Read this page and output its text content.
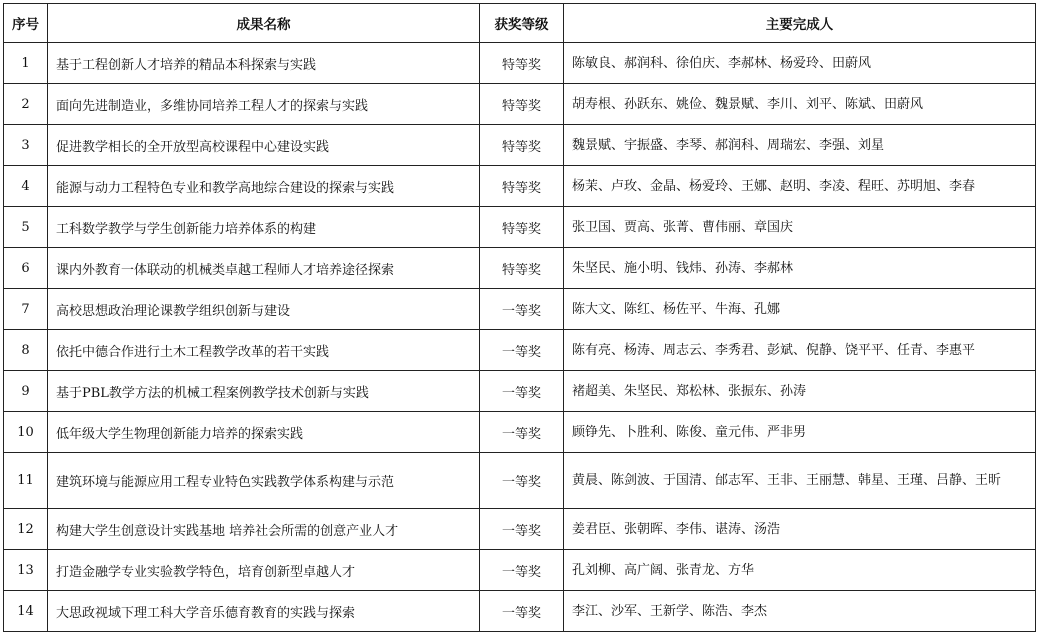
序号	成果名称	获奖等级	主要完成人
1	基于工程创新人才培养的精品本科探索与实践	特等奖	陈敏良、郝润科、徐伯庆、李郝林、杨爱玲、田蔚风
2	面向先进制造业，多维协同培养工程人才的探索与实践	特等奖	胡寿根、孙跃东、姚俭、魏景赋、李川、刘平、陈斌、田蔚风
3	促进教学相长的全开放型高校课程中心建设实践	特等奖	魏景赋、宇振盛、李琴、郝润科、周瑞宏、李强、刘星
4	能源与动力工程特色专业和教学高地综合建设的探索与实践	特等奖	杨茉、卢玫、金晶、杨爱玲、王娜、赵明、李凌、程旺、苏明旭、李春
5	工科数学教学与学生创新能力培养体系的构建	特等奖	张卫国、贾高、张菁、曹伟丽、章国庆
6	课内外教育一体联动的机械类卓越工程师人才培养途径探索	特等奖	朱坚民、施小明、钱炜、孙涛、李郝林
7	高校思想政治理论课教学组织创新与建设	一等奖	陈大文、陈红、杨佐平、牛海、孔娜
8	依托中德合作进行土木工程教学改革的若干实践	一等奖	陈有亮、杨涛、周志云、李秀君、彭斌、倪静、饶平平、任青、李惠平
9	基于PBL教学方法的机械工程案例教学技术创新与实践	一等奖	褚超美、朱坚民、郑松林、张振东、孙涛
10	低年级大学生物理创新能力培养的探索实践	一等奖	顾铮先、卜胜利、陈俊、童元伟、严非男
11	建筑环境与能源应用工程专业特色实践教学体系构建与示范	一等奖	黄晨、陈剑波、于国清、邰志军、王非、王丽慧、韩星、王瑾、吕静、王昕
12	构建大学生创意设计实践基地 培养社会所需的创意产业人才	一等奖	姜君臣、张朝晖、李伟、谌涛、汤浩
13	打造金融学专业实验教学特色，培育创新型卓越人才	一等奖	孔刘柳、高广阔、张青龙、方华
14	大思政视域下理工科大学音乐德育教育的实践与探索	一等奖	李江、沙军、王新学、陈浩、李杰
